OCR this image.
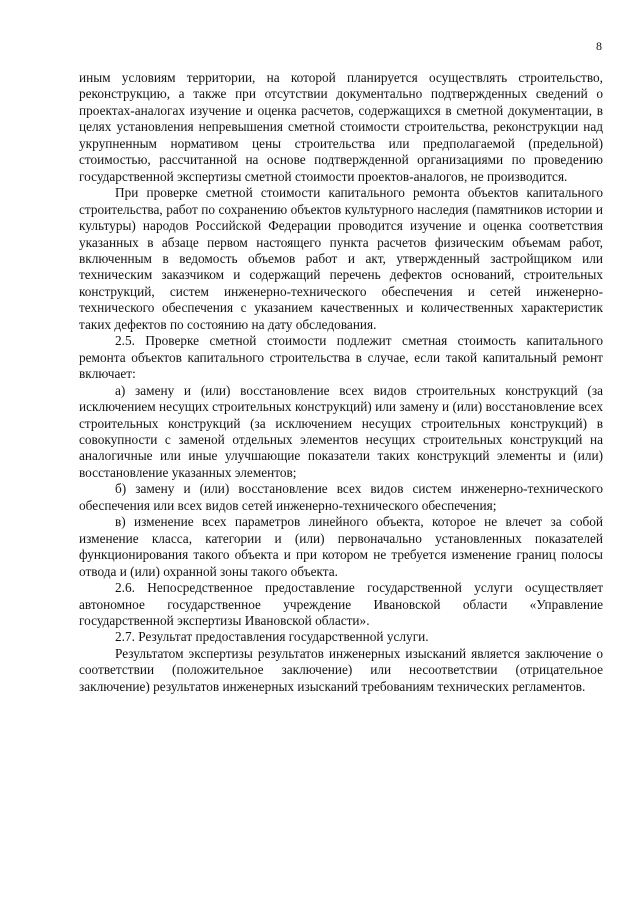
8

иным условиям территории, на которой планируется осуществлять строительство, реконструкцию, а также при отсутствии документально подтвержденных сведений о проектах-аналогах изучение и оценка расчетов, содержащихся в сметной документации, в целях установления непревышения сметной стоимости строительства, реконструкции над укрупненным нормативом цены строительства или предполагаемой (предельной) стоимостью, рассчитанной на основе подтвержденной организациями по проведению государственной экспертизы сметной стоимости проектов-аналогов, не производится.

При проверке сметной стоимости капитального ремонта объектов капитального строительства, работ по сохранению объектов культурного наследия (памятников истории и культуры) народов Российской Федерации проводится изучение и оценка соответствия указанных в абзаце первом настоящего пункта расчетов физическим объемам работ, включенным в ведомость объемов работ и акт, утвержденный застройщиком или техническим заказчиком и содержащий перечень дефектов оснований, строительных конструкций, систем инженерно-технического обеспечения и сетей инженерно-технического обеспечения с указанием качественных и количественных характеристик таких дефектов по состоянию на дату обследования.

2.5. Проверке сметной стоимости подлежит сметная стоимость капитального ремонта объектов капитального строительства в случае, если такой капитальный ремонт включает:

а) замену и (или) восстановление всех видов строительных конструкций (за исключением несущих строительных конструкций) или замену и (или) восстановление всех строительных конструкций (за исключением несущих строительных конструкций) в совокупности с заменой отдельных элементов несущих строительных конструкций на аналогичные или иные улучшающие показатели таких конструкций элементы и (или) восстановление указанных элементов;

б) замену и (или) восстановление всех видов систем инженерно-технического обеспечения или всех видов сетей инженерно-технического обеспечения;

в) изменение всех параметров линейного объекта, которое не влечет за собой изменение класса, категории и (или) первоначально установленных показателей функционирования такого объекта и при котором не требуется изменение границ полосы отвода и (или) охранной зоны такого объекта.

2.6. Непосредственное предоставление государственной услуги осуществляет автономное государственное учреждение Ивановской области «Управление государственной экспертизы Ивановской области».

2.7. Результат предоставления государственной услуги.

Результатом экспертизы результатов инженерных изысканий является заключение о соответствии (положительное заключение) или несоответствии (отрицательное заключение) результатов инженерных изысканий требованиям технических регламентов.
